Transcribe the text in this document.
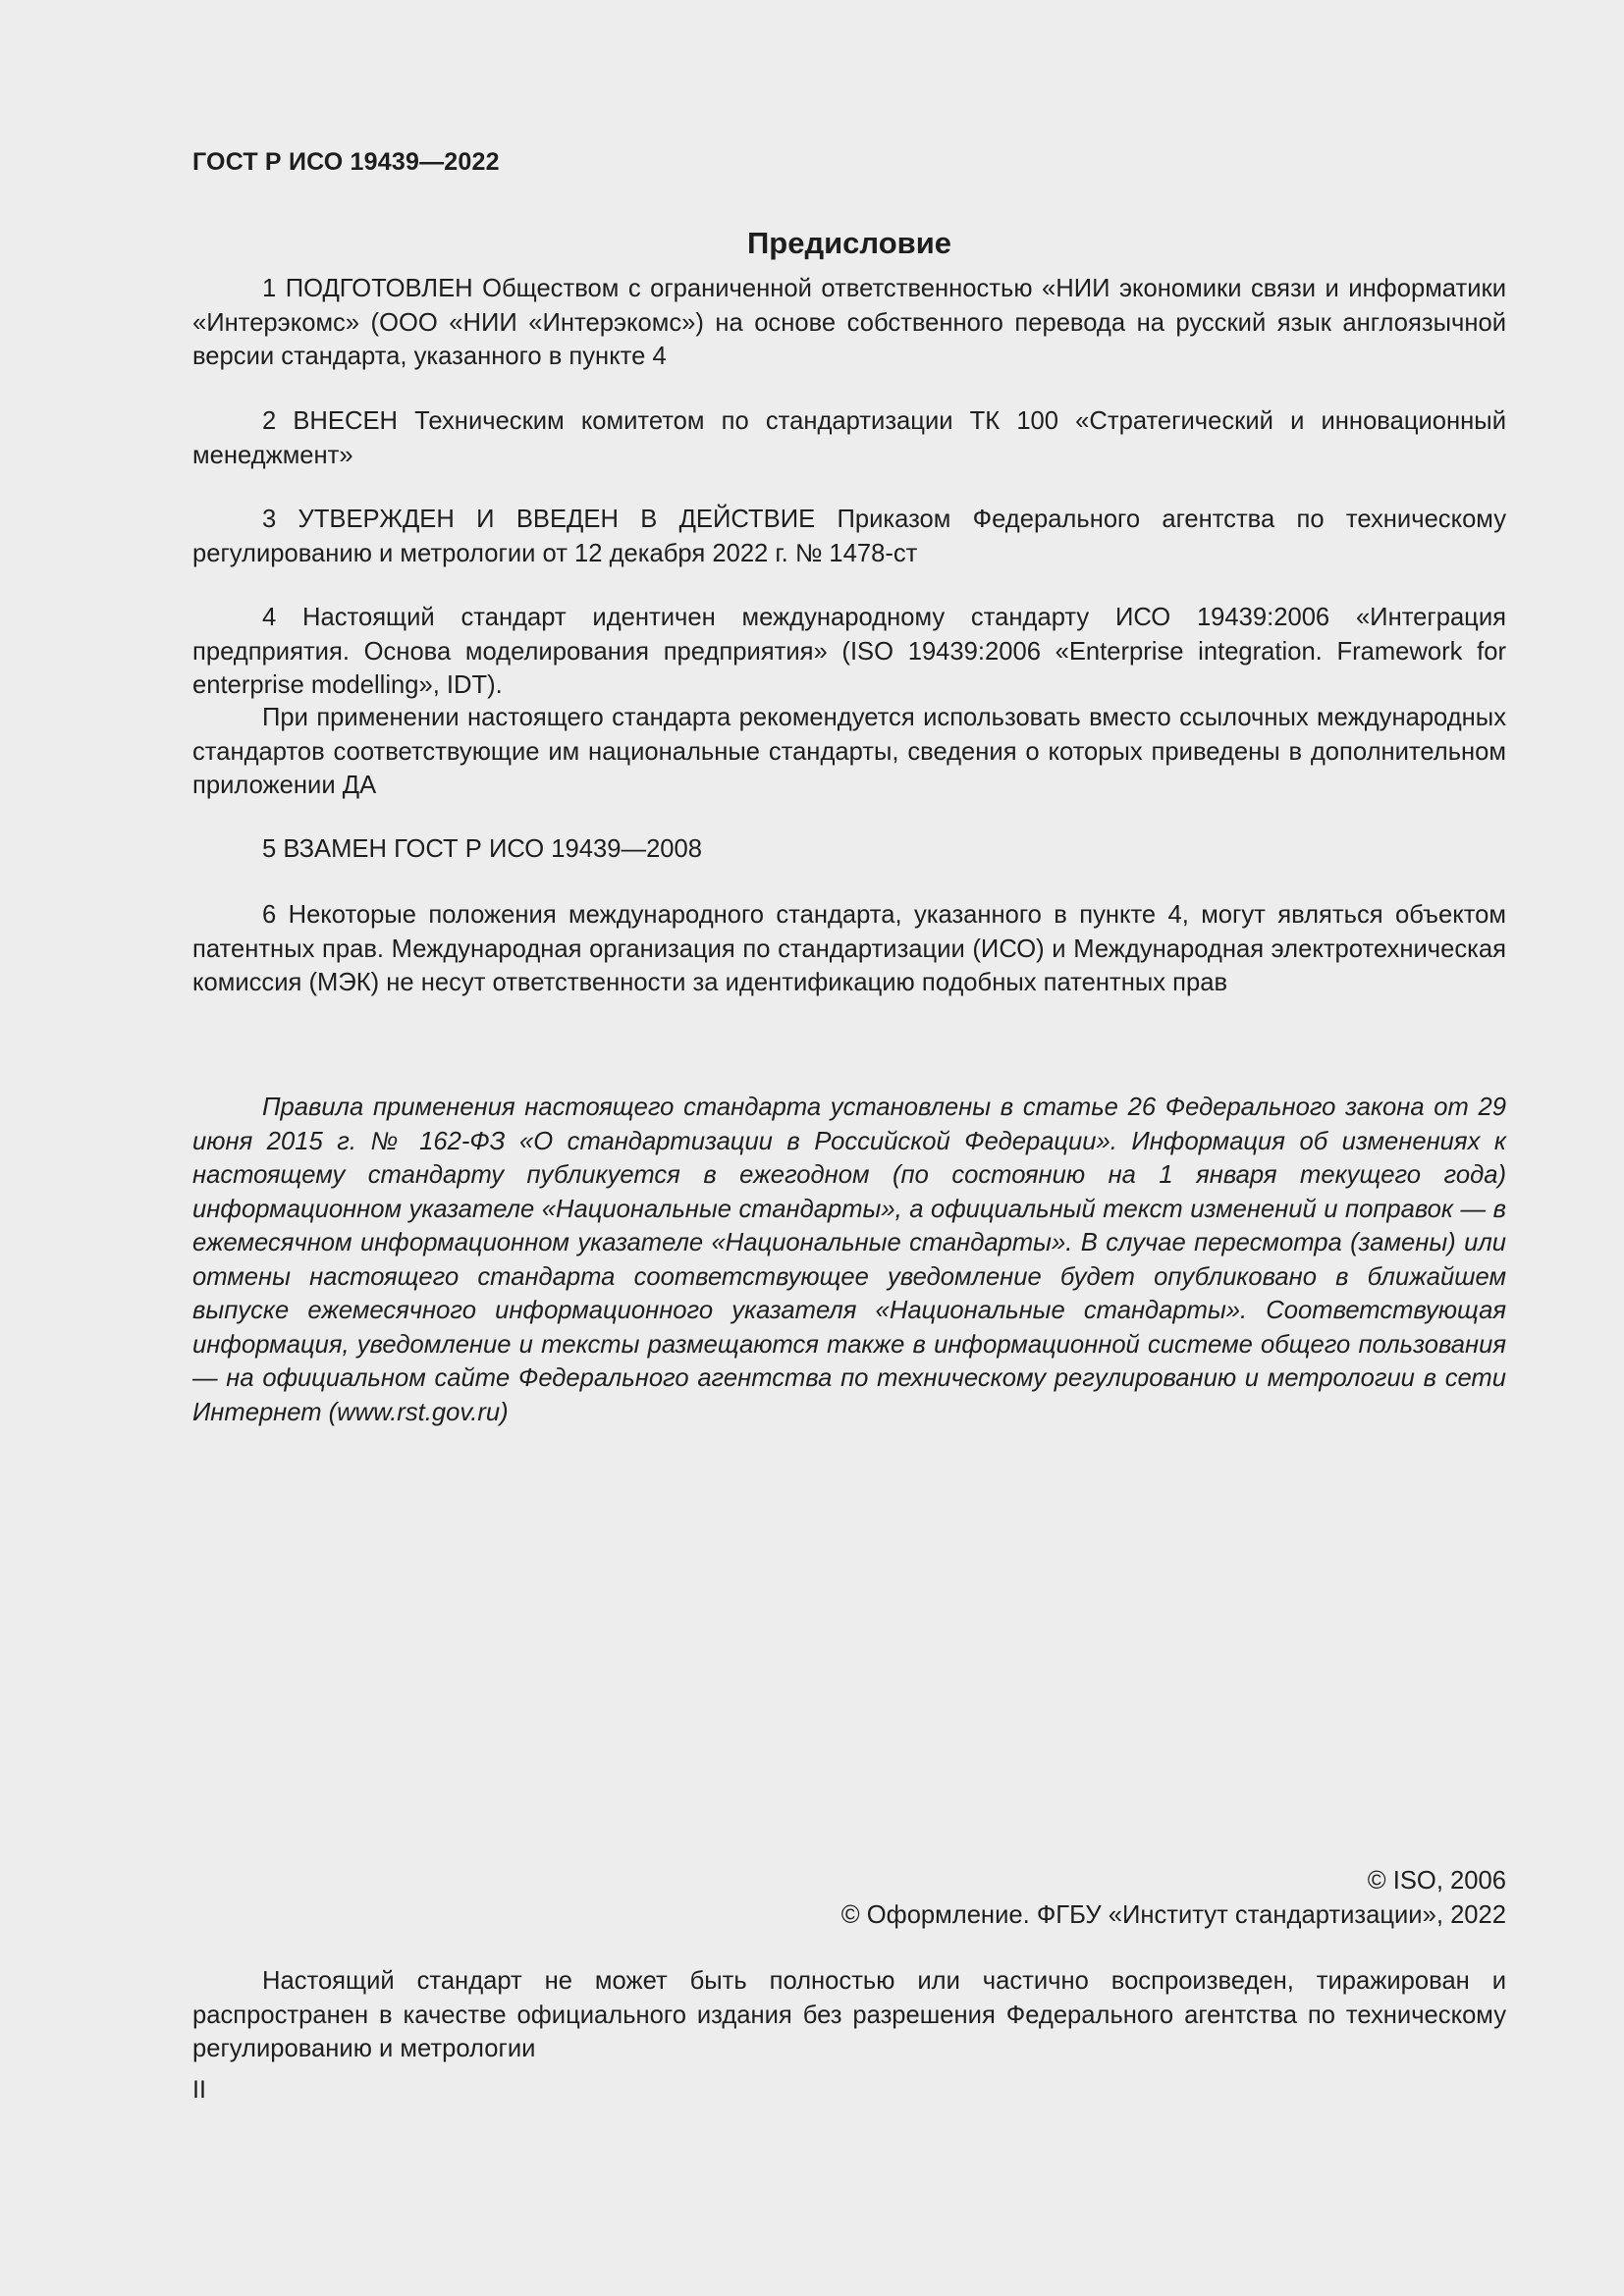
ГОСТ Р ИСО 19439—2022
Предисловие

1 ПОДГОТОВЛЕН Обществом с ограниченной ответственностью «НИИ экономики связи и информатики «Интерэкомс» (ООО «НИИ «Интерэкомс») на основе собственного перевода на русский язык англоязычной версии стандарта, указанного в пункте 4

2 ВНЕСЕН Техническим комитетом по стандартизации ТК 100 «Стратегический и инновационный менеджмент»

3 УТВЕРЖДЕН И ВВЕДЕН В ДЕЙСТВИЕ Приказом Федерального агентства по техническому регулированию и метрологии от 12 декабря 2022 г. № 1478-ст

4 Настоящий стандарт идентичен международному стандарту ИСО 19439:2006 «Интеграция предприятия. Основа моделирования предприятия» (ISO 19439:2006 «Enterprise integration. Framework for enterprise modelling», IDT).

При применении настоящего стандарта рекомендуется использовать вместо ссылочных международных стандартов соответствующие им национальные стандарты, сведения о которых приведены в дополнительном приложении ДА

5 ВЗАМЕН ГОСТ Р ИСО 19439—2008

6 Некоторые положения международного стандарта, указанного в пункте 4, могут являться объектом патентных прав. Международная организация по стандартизации (ИСО) и Международная электротехническая комиссия (МЭК) не несут ответственности за идентификацию подобных патентных прав

Правила применения настоящего стандарта установлены в статье 26 Федерального закона от 29 июня 2015 г. № 162-ФЗ «О стандартизации в Российской Федерации». Информация об изменениях к настоящему стандарту публикуется в ежегодном (по состоянию на 1 января текущего года) информационном указателе «Национальные стандарты», а официальный текст изменений и поправок — в ежемесячном информационном указателе «Национальные стандарты». В случае пересмотра (замены) или отмены настоящего стандарта соответствующее уведомление будет опубликовано в ближайшем выпуске ежемесячного информационного указателя «Национальные стандарты». Соответствующая информация, уведомление и тексты размещаются также в информационной системе общего пользования — на официальном сайте Федерального агентства по техническому регулированию и метрологии в сети Интернет (www.rst.gov.ru)

© ISO, 2006
© Оформление. ФГБУ «Институт стандартизации», 2022

Настоящий стандарт не может быть полностью или частично воспроизведен, тиражирован и распространен в качестве официального издания без разрешения Федерального агентства по техническому регулированию и метрологии

II
